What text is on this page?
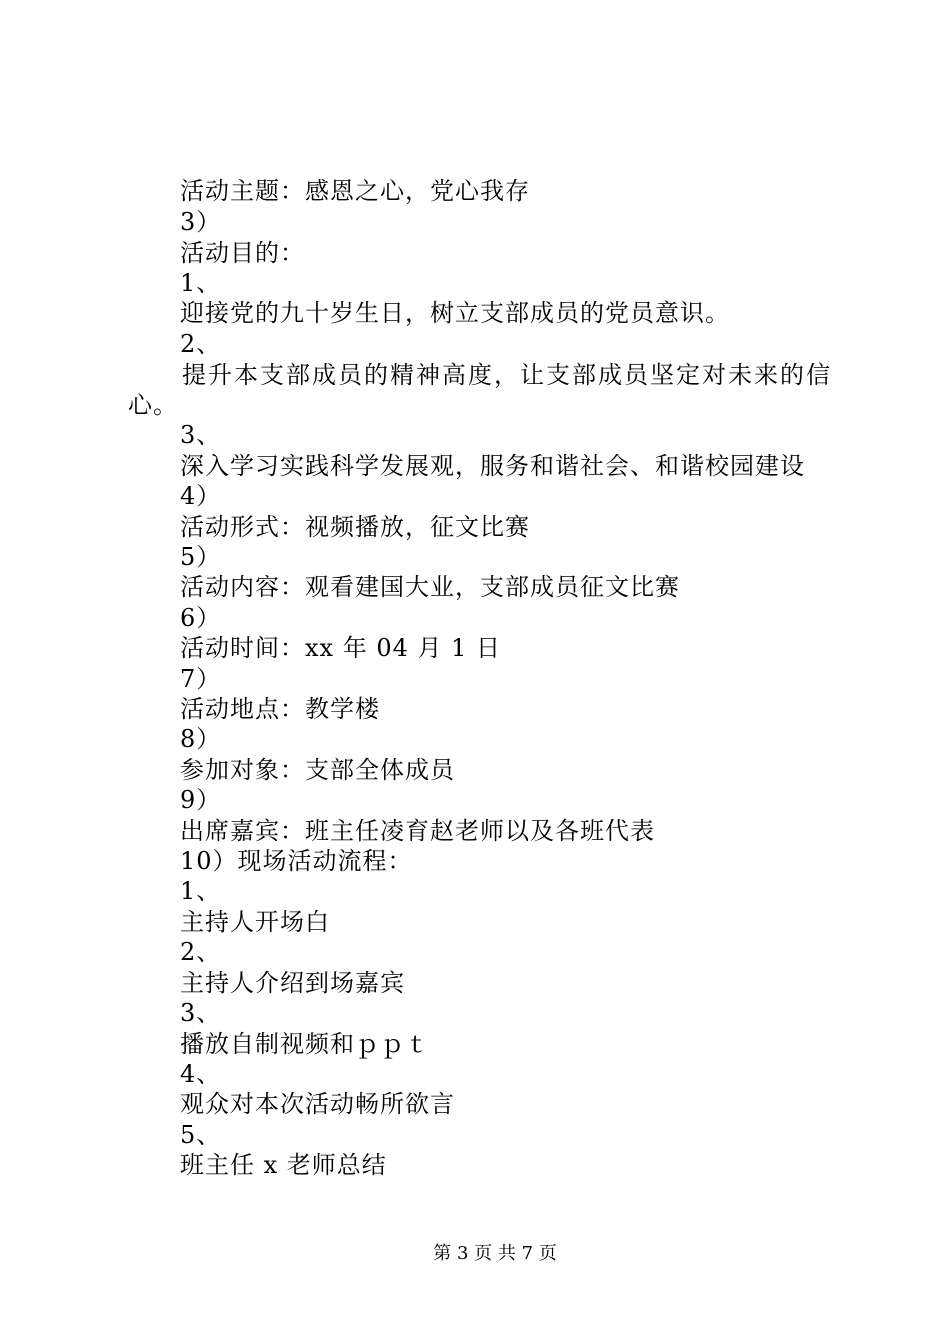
活动主题：感恩之心，党心我存
3）
活动目的：
1、
迎接党的九十岁生日，树立支部成员的党员意识。
2、
提升本支部成员的精神高度，让支部成员坚定对未来的信
心。
3、
深入学习实践科学发展观，服务和谐社会、和谐校园建设
4）
活动形式：视频播放，征文比赛
5）
活动内容：观看建国大业，支部成员征文比赛
6）
活动时间：xx 年 04 月 1 日
7）
活动地点：教学楼
8）
参加对象：支部全体成员
9）
出席嘉宾：班主任凌育赵老师以及各班代表
10）现场活动流程：
1、
主持人开场白
2、
主持人介绍到场嘉宾
3、
播放自制视频和ｐｐｔ
4、
观众对本次活动畅所欲言
5、
班主任 x 老师总结
第 3 页 共 7 页
